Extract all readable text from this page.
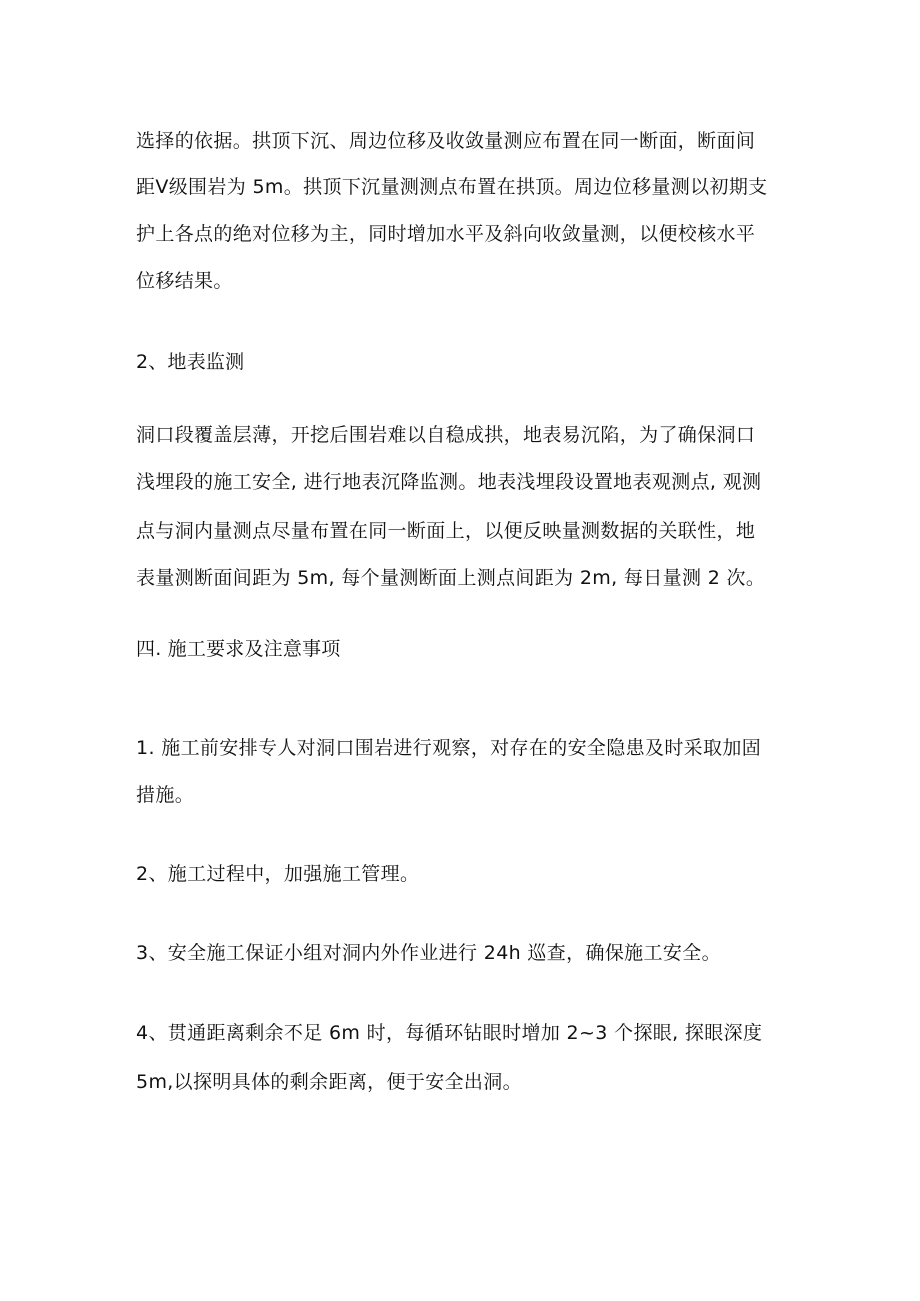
选择的依据。拱顶下沉、周边位移及收敛量测应布置在同一断面，断面间

距Ⅴ级围岩为 5m。拱顶下沉量测测点布置在拱顶。周边位移量测以初期支

护上各点的绝对位移为主，同时增加水平及斜向收敛量测，以便校核水平

位移结果。

2、地表监测

洞口段覆盖层薄，开挖后围岩难以自稳成拱，地表易沉陷，为了确保洞口

浅埋段的施工安全, 进行地表沉降监测。地表浅埋段设置地表观测点, 观测

点与洞内量测点尽量布置在同一断面上，以便反映量测数据的关联性，地

表量测断面间距为 5m, 每个量测断面上测点间距为 2m, 每日量测 2 次。

四. 施工要求及注意事项

1. 施工前安排专人对洞口围岩进行观察，对存在的安全隐患及时采取加固

措施。

2、施工过程中，加强施工管理。

3、安全施工保证小组对洞内外作业进行 24h 巡查，确保施工安全。

4、贯通距离剩余不足 6m 时，每循环钻眼时增加 2~3 个探眼, 探眼深度

5m,以探明具体的剩余距离，便于安全出洞。
